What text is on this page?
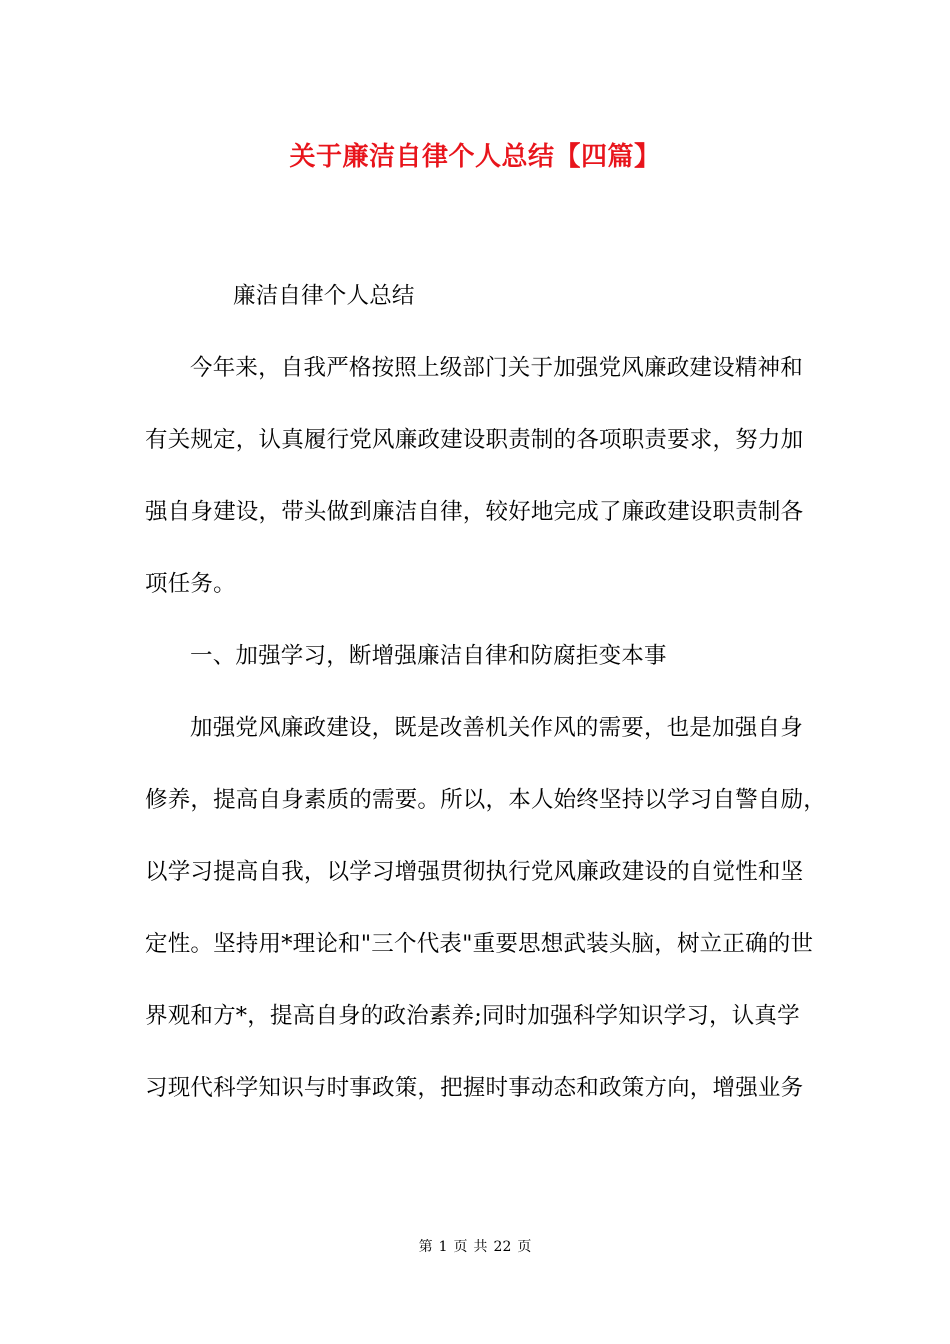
关于廉洁自律个人总结【四篇】
廉洁自律个人总结
今年来，自我严格按照上级部门关于加强党风廉政建设精神和
有关规定，认真履行党风廉政建设职责制的各项职责要求，努力加
强自身建设，带头做到廉洁自律，较好地完成了廉政建设职责制各
项任务。
一、加强学习，断增强廉洁自律和防腐拒变本事
加强党风廉政建设，既是改善机关作风的需要，也是加强自身
修养，提高自身素质的需要。所以，本人始终坚持以学习自警自励，
以学习提高自我，以学习增强贯彻执行党风廉政建设的自觉性和坚
定性。坚持用*理论和"三个代表"重要思想武装头脑，树立正确的世
界观和方*，提高自身的政治素养;同时加强科学知识学习，认真学
习现代科学知识与时事政策，把握时事动态和政策方向，增强业务
第 1 页 共 22 页
